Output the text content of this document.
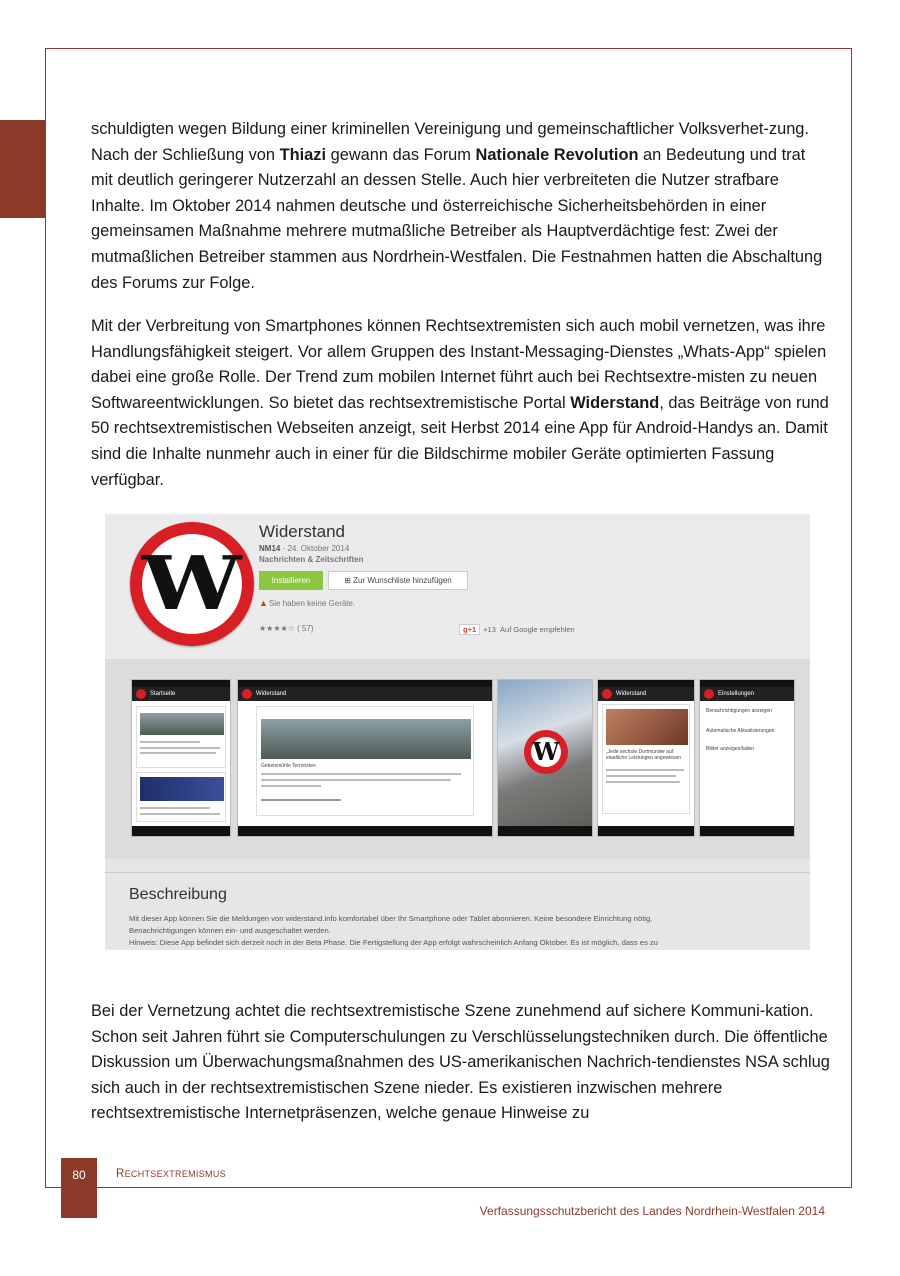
schuldigten wegen Bildung einer kriminellen Vereinigung und gemeinschaftlicher Volksverhet-zung. Nach der Schließung von Thiazi gewann das Forum Nationale Revolution an Bedeutung und trat mit deutlich geringerer Nutzerzahl an dessen Stelle. Auch hier verbreiteten die Nutzer strafbare Inhalte. Im Oktober 2014 nahmen deutsche und österreichische Sicherheitsbehörden in einer gemeinsamen Maßnahme mehrere mutmaßliche Betreiber als Hauptverdächtige fest: Zwei der mutmaßlichen Betreiber stammen aus Nordrhein-Westfalen. Die Festnahmen hatten die Abschaltung des Forums zur Folge.

Mit der Verbreitung von Smartphones können Rechtsextremisten sich auch mobil vernetzen, was ihre Handlungsfähigkeit steigert. Vor allem Gruppen des Instant-Messaging-Dienstes „Whats-App“ spielen dabei eine große Rolle. Der Trend zum mobilen Internet führt auch bei Rechtsextre-misten zu neuen Softwareentwicklungen. So bietet das rechtsextremistische Portal Widerstand, das Beiträge von rund 50 rechtsextremistischen Webseiten anzeigt, seit Herbst 2014 eine App für Android-Handys an. Damit sind die Inhalte nunmehr auch in einer für die Bildschirme mobiler Geräte optimierten Fassung verfügbar.

W
Widerstand
NM14 - 24. Oktober 2014
Nachrichten & Zeitschriften
Installieren	⊞ Zur Wunschliste hinzufügen
▲Sie haben keine Geräte.
★★★★☆ ( 57)	g+1 +13 Auf Google empfehlen
Startseite	Widerstand
Gebetsmühle Terroristen	W
Widerstand
„Jede sechste Dortmunder auf staatliche Leistungen angewiesen
Einstellungen
Benachrichtigungen anzeigen
Automatische Aktualisierungen
Bilder anzeigen/laden
Beschreibung
Mit dieser App können Sie die Meldungen von widerstand.info komfortabel über Ihr Smartphone oder Tablet abonnieren. Keine besondere Einrichtung nötig.
Benachrichtigungen können ein- und ausgeschaltet werden.
Hinweis: Diese App befindet sich derzeit noch in der Beta Phase. Die Fertigstellung der App erfolgt wahrscheinlich Anfang Oktober. Es ist möglich, dass es zu

Bei der Vernetzung achtet die rechtsextremistische Szene zunehmend auf sichere Kommuni-kation. Schon seit Jahren führt sie Computerschulungen zu Verschlüsselungstechniken durch. Die öffentliche Diskussion um Überwachungsmaßnahmen des US-amerikanischen Nachrich-tendienstes NSA schlug sich auch in der rechtsextremistischen Szene nieder. Es existieren inzwischen mehrere rechtsextremistische Internetpräsenzen, welche genaue Hinweise zu

80	RECHTSEXTREMISMUS
Verfassungsschutzbericht des Landes Nordrhein-Westfalen 2014
